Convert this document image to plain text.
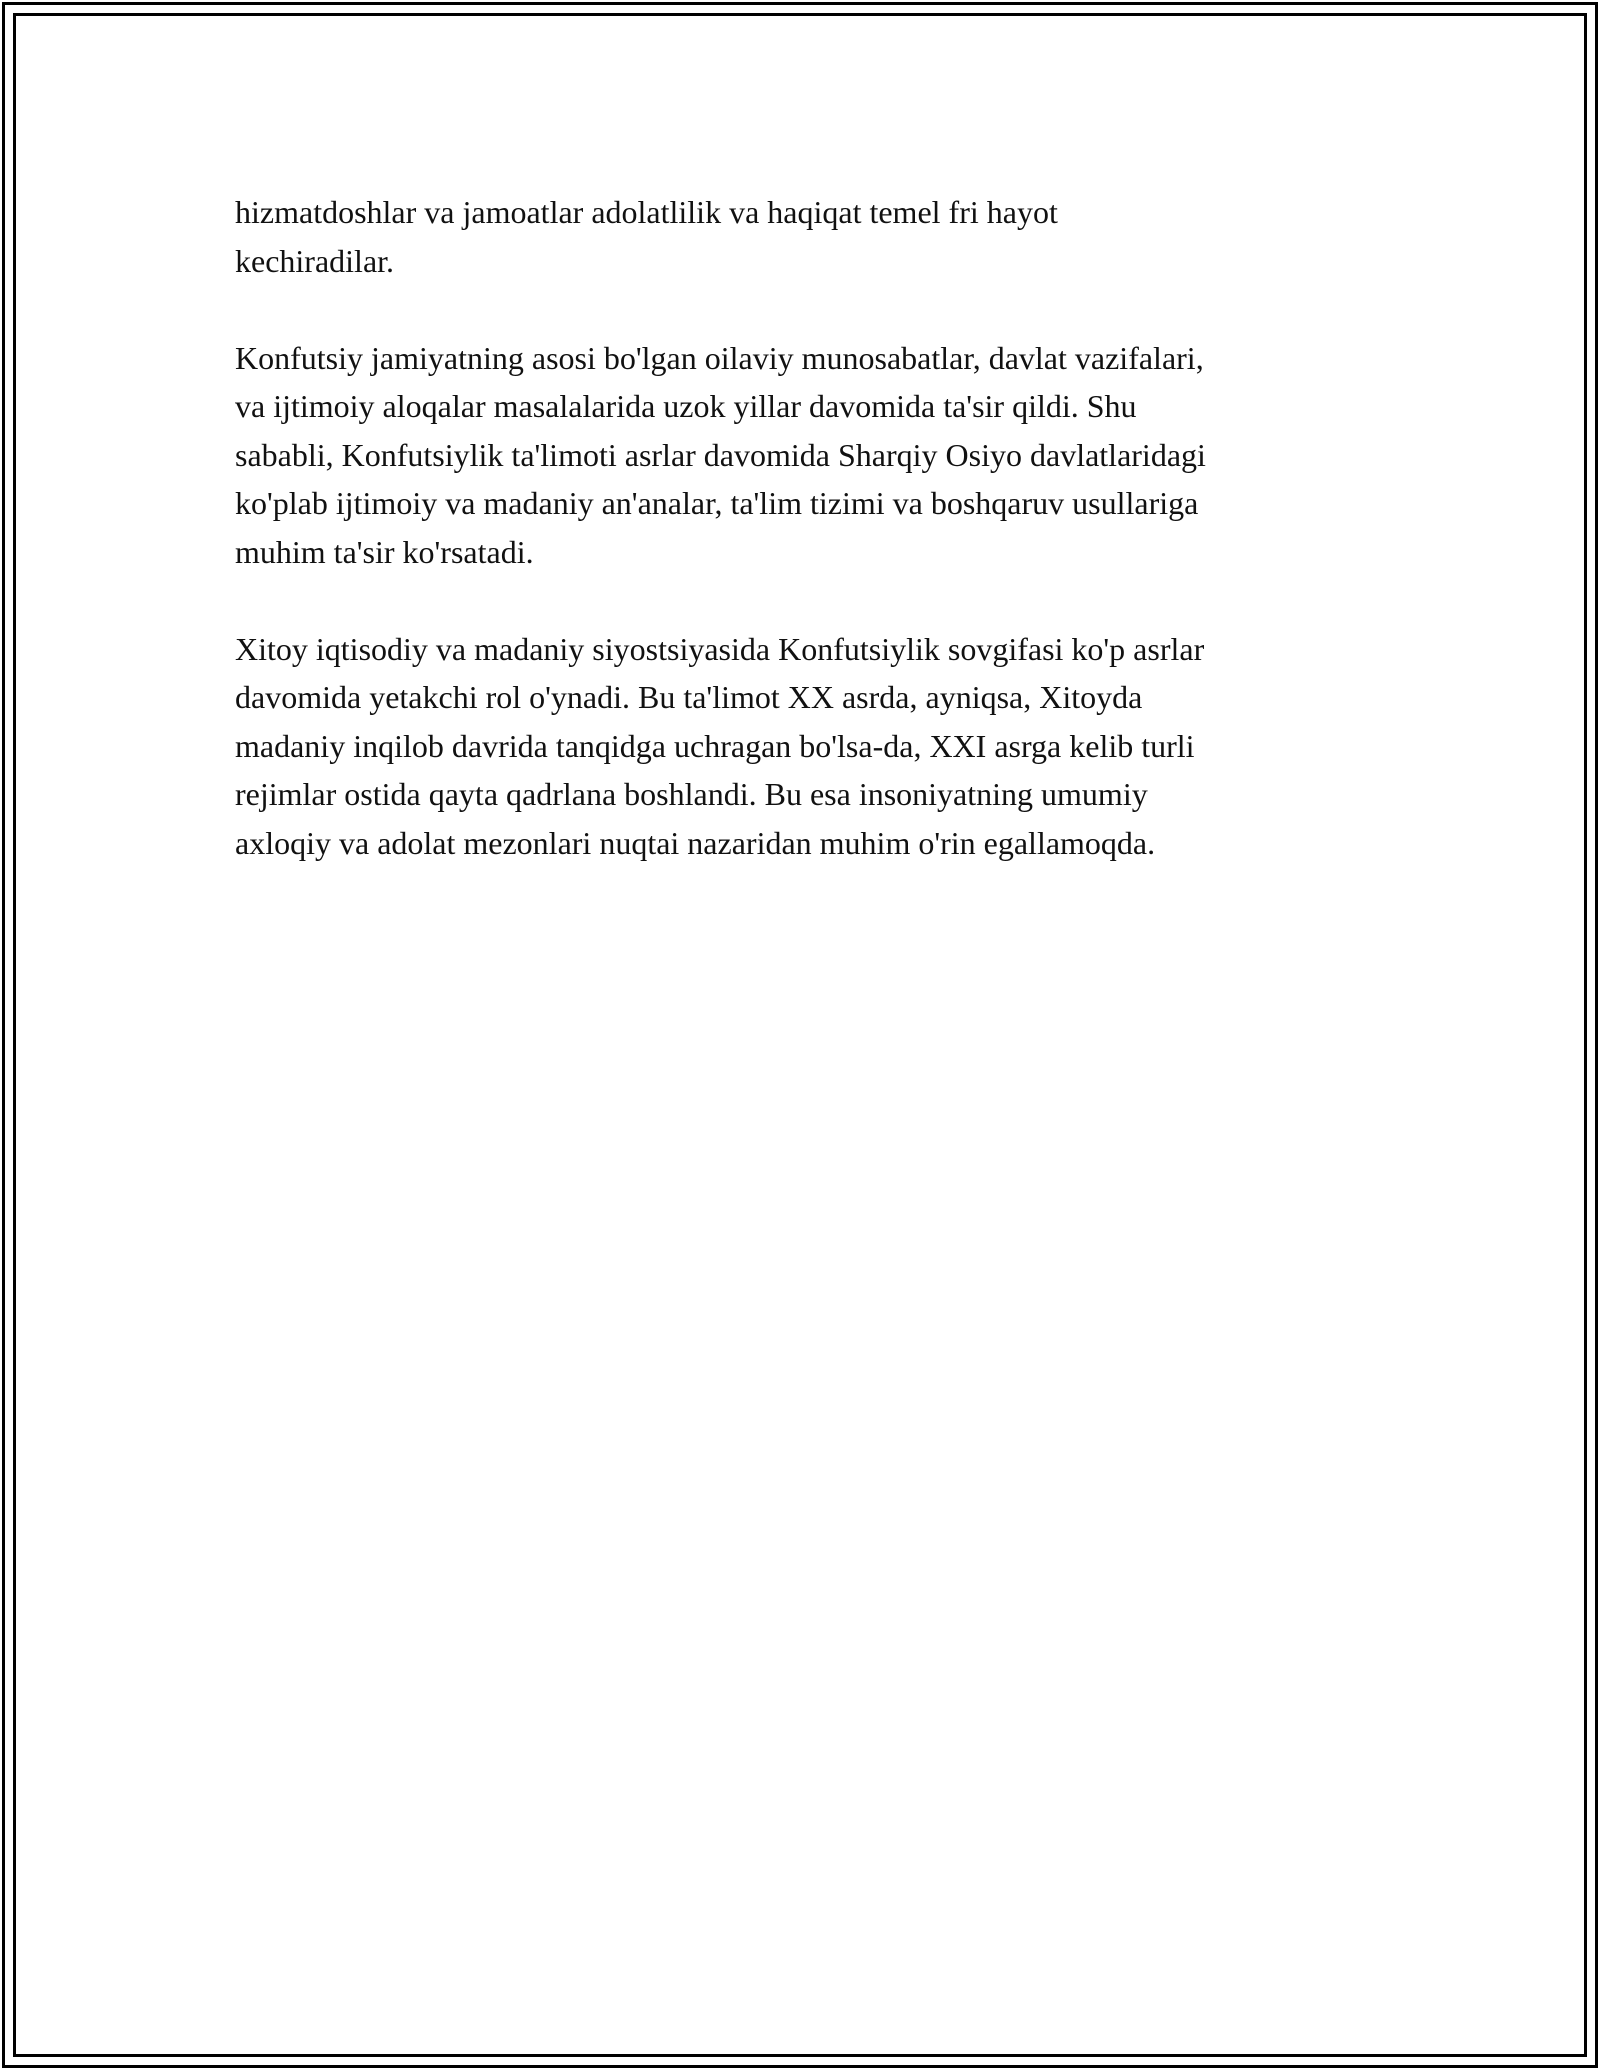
hizmatdoshlar va jamoatlar adolatlilik va haqiqat temel fri hayot
kechiradilar.

Konfutsiy jamiyatning asosi bo'lgan oilaviy munosabatlar, davlat vazifalari,
va ijtimoiy aloqalar masalalarida uzok yillar davomida ta'sir qildi. Shu
sababli, Konfutsiylik ta'limoti asrlar davomida Sharqiy Osiyo davlatlaridagi
ko'plab ijtimoiy va madaniy an'analar, ta'lim tizimi va boshqaruv usullariga
muhim ta'sir ko'rsatadi.

Xitoy iqtisodiy va madaniy siyostsiyasida Konfutsiylik sovgifasi ko'p asrlar
davomida yetakchi rol o'ynadi. Bu ta'limot XX asrda, ayniqsa, Xitoyda
madaniy inqilob davrida tanqidga uchragan bo'lsa-da, XXI asrga kelib turli
rejimlar ostida qayta qadrlana boshlandi. Bu esa insoniyatning umumiy
axloqiy va adolat mezonlari nuqtai nazaridan muhim o'rin egallamoqda.
